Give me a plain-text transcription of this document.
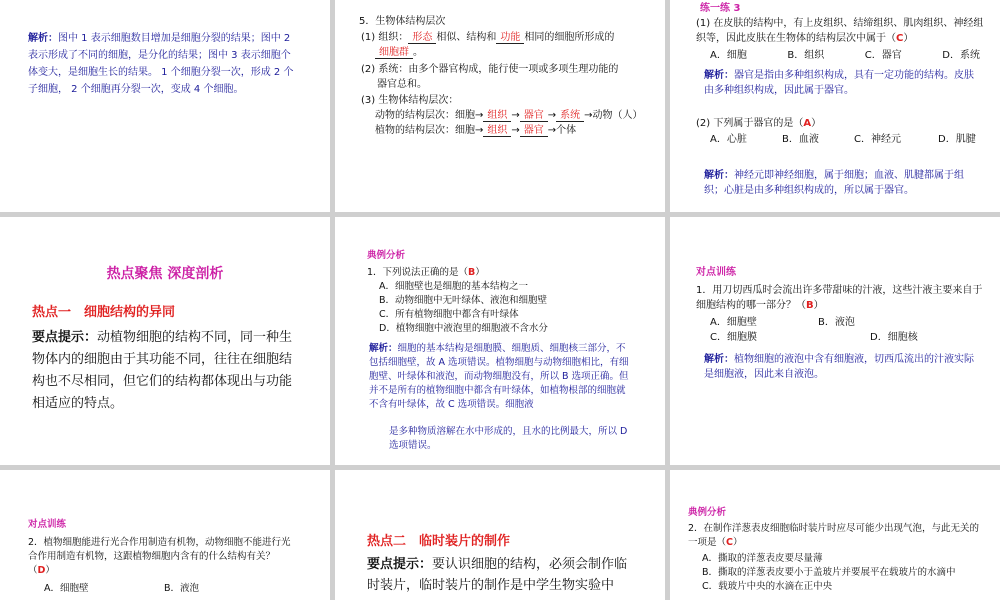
解析：图中 1 表示细胞数目增加是细胞分裂的结果；图中 2 表示形成了不同的细胞，是分化的结果；图中 3 表示细胞个体变大，是细胞生长的结果。 1 个细胞分裂一次，形成 2 个子细胞， 2 个细胞再分裂一次，变成 4 个细胞。

5．生物体结构层次
(1) 组织： 形态 相似、结构和 功能 相同的细胞所形成的
细胞群 。
(2) 系统：由多个器官构成，能行使一项或多项生理功能的
器官总和。
(3) 生物体结构层次：
动物的结构层次：细胞→ 组织 → 器官 → 系统 →动物（人）
植物的结构层次：细胞→ 组织 → 器官 →个体
练一练 3
(1) 在皮肤的结构中，有上皮组织、结缔组织、肌肉组织、神经组织等，因此皮肤在生物体的结构层次中属于（C）
A．细胞	B．组织	C．器官	D．系统
解析：器官是指由多种组织构成，具有一定功能的结构。皮肤由多种组织构成，因此属于器官。
(2) 下列属于器官的是（A）
A．心脏	B．血液	C．神经元	D．肌腱
解析：神经元即神经细胞，属于细胞；血液、肌腱都属于组织；心脏是由多种组织构成的，所以属于器官。
热点聚焦 深度剖析
热点一　细胞结构的异同
要点提示：动植物细胞的结构不同，同一种生物体内的细胞由于其功能不同，往往在细胞结构也不尽相同，但它们的结构都体现出与功能相适应的特点。
典例分析
1．下列说法正确的是（B）
A．细胞壁也是细胞的基本结构之一
B．动物细胞中无叶绿体、液泡和细胞壁
C．所有植物细胞中都含有叶绿体
D．植物细胞中液泡里的细胞液不含水分
解析：细胞的基本结构是细胞膜、细胞质、细胞核三部分，不包括细胞壁，故 A 选项错误。植物细胞与动物细胞相比，有细胞壁、叶绿体和液泡，而动物细胞没有，所以 B 选项正确。但并不是所有的植物细胞中都含有叶绿体，如植物根部的细胞就不含有叶绿体，故 C 选项错误。细胞液
是多种物质溶解在水中形成的，且水的比例最大，所以 D 选项错误。
对点训练
1．用刀切西瓜时会流出许多带甜味的汁液，这些汁液主要来自于细胞结构的哪一部分？（B）
A．细胞壁	B．液泡
C．细胞膜	D．细胞核
解析：植物细胞的液泡中含有细胞液，切西瓜流出的汁液实际是细胞液，因此来自液泡。
对点训练
2．植物细胞能进行光合作用制造有机物，动物细胞不能进行光合作用制造有机物，这跟植物细胞内含有的什么结构有关？（D）
A．细胞壁	B．液泡
热点二　临时装片的制作
要点提示：要认识细胞的结构，必须会制作临时装片，临时装片的制作是中学生物实验中
典例分析
2．在制作洋葱表皮细胞临时装片时应尽可能少出现气泡，与此无关的一项是（C）
A．撕取的洋葱表皮要尽量薄
B．撕取的洋葱表皮要小于盖玻片并要展平在载玻片的水滴中
C．载玻片中央的水滴在正中央
